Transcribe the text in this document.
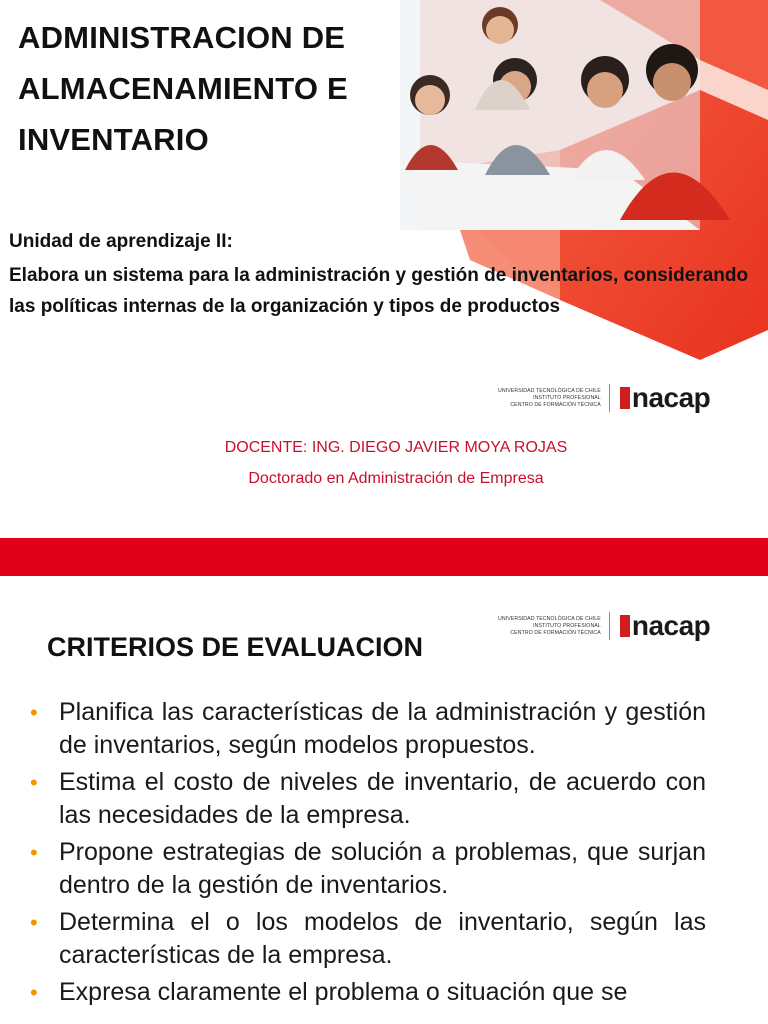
ADMINISTRACION DE
ALMACENAMIENTO E
INVENTARIO
Unidad de aprendizaje II:
Elabora un sistema para la administración y gestión de inventarios, considerando las políticas internas de la organización y tipos de productos
UNIVERSIDAD TECNOLÓGICA DE CHILE
INSTITUTO PROFESIONAL
CENTRO DE FORMACIÓN TÉCNICA nacap
DOCENTE: ING. DIEGO JAVIER MOYA ROJAS
Doctorado en Administración de Empresa
UNIVERSIDAD TECNOLÓGICA DE CHILE
INSTITUTO PROFESIONAL
CENTRO DE FORMACIÓN TÉCNICA nacap
CRITERIOS DE EVALUACION
• Planifica las características de la administración y gestión de inventarios, según modelos propuestos.
• Estima el costo de niveles de inventario, de acuerdo con las necesidades de la empresa.
• Propone estrategias de solución a problemas, que surjan dentro de la gestión de inventarios.
• Determina el o los modelos de inventario, según las características de la empresa.
• Expresa claramente el problema o situación que se
